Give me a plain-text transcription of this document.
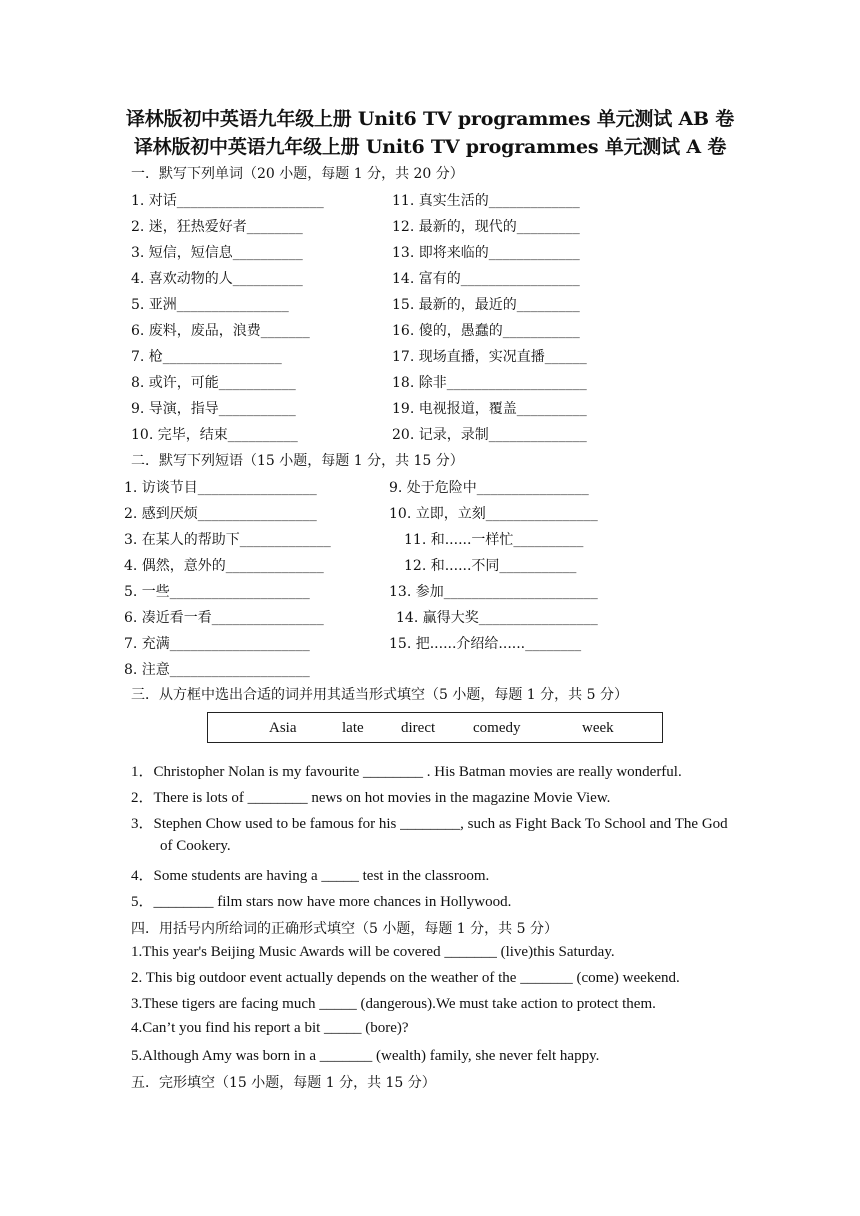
译林版初中英语九年级上册 Unit6 TV programmes 单元测试 AB 卷
译林版初中英语九年级上册 Unit6 TV programmes 单元测试 A 卷
一．默写下列单词（20 小题，每题 1 分，共 20 分）
1. 对话_____________________
2. 迷，狂热爱好者________
3. 短信，短信息__________
4. 喜欢动物的人__________
5. 亚洲________________
6. 废料，废品，浪费_______
7. 枪_________________
8. 或许，可能___________
9. 导演，指导___________
10. 完毕，结束__________
11. 真实生活的_____________
12. 最新的，现代的_________
13. 即将来临的_____________
14. 富有的_________________
15. 最新的，最近的_________
16. 傻的，愚蠢的___________
17. 现场直播，实况直播______
18. 除非____________________
19. 电视报道，覆盖__________
20. 记录，录制______________
二．默写下列短语（15 小题，每题 1 分，共 15 分）
1. 访谈节目_________________
2. 感到厌烦_________________
3. 在某人的帮助下_____________
4. 偶然，意外的______________
5. 一些____________________
6. 凑近看一看________________
7. 充满____________________
8. 注意____________________
9. 处于危险中________________
10. 立即，立刻________________
11. 和......一样忙__________
12. 和......不同___________
13. 参加______________________
14. 赢得大奖_________________
15. 把......介绍给......________
三．从方框中选出合适的词并用其适当形式填空（5 小题，每题 1 分，共 5 分）
Asia	late direct	comedy	week
1．Christopher Nolan is my favourite ________ . His Batman movies are really wonderful.
2．There is lots of ________ news on hot movies in the magazine Movie View.
3．Stephen Chow used to be famous for his ________, such as Fight Back To School and The God
of Cookery.
4．Some students are having a _____ test in the classroom.
5．________ film stars now have more chances in Hollywood.
四．用括号内所给词的正确形式填空（5 小题，每题 1 分，共 5 分）
1.This year's Beijing Music Awards will be covered _______ (live)this Saturday.
2. This big outdoor event actually depends on the weather of the _______ (come) weekend.
3.These tigers are facing much _____ (dangerous).We must take action to protect them.
4.Can’t you find his report a bit _____ (bore)?
5.Although Amy was born in a _______ (wealth) family, she never felt happy.
五．完形填空（15 小题，每题 1 分，共 15 分）
